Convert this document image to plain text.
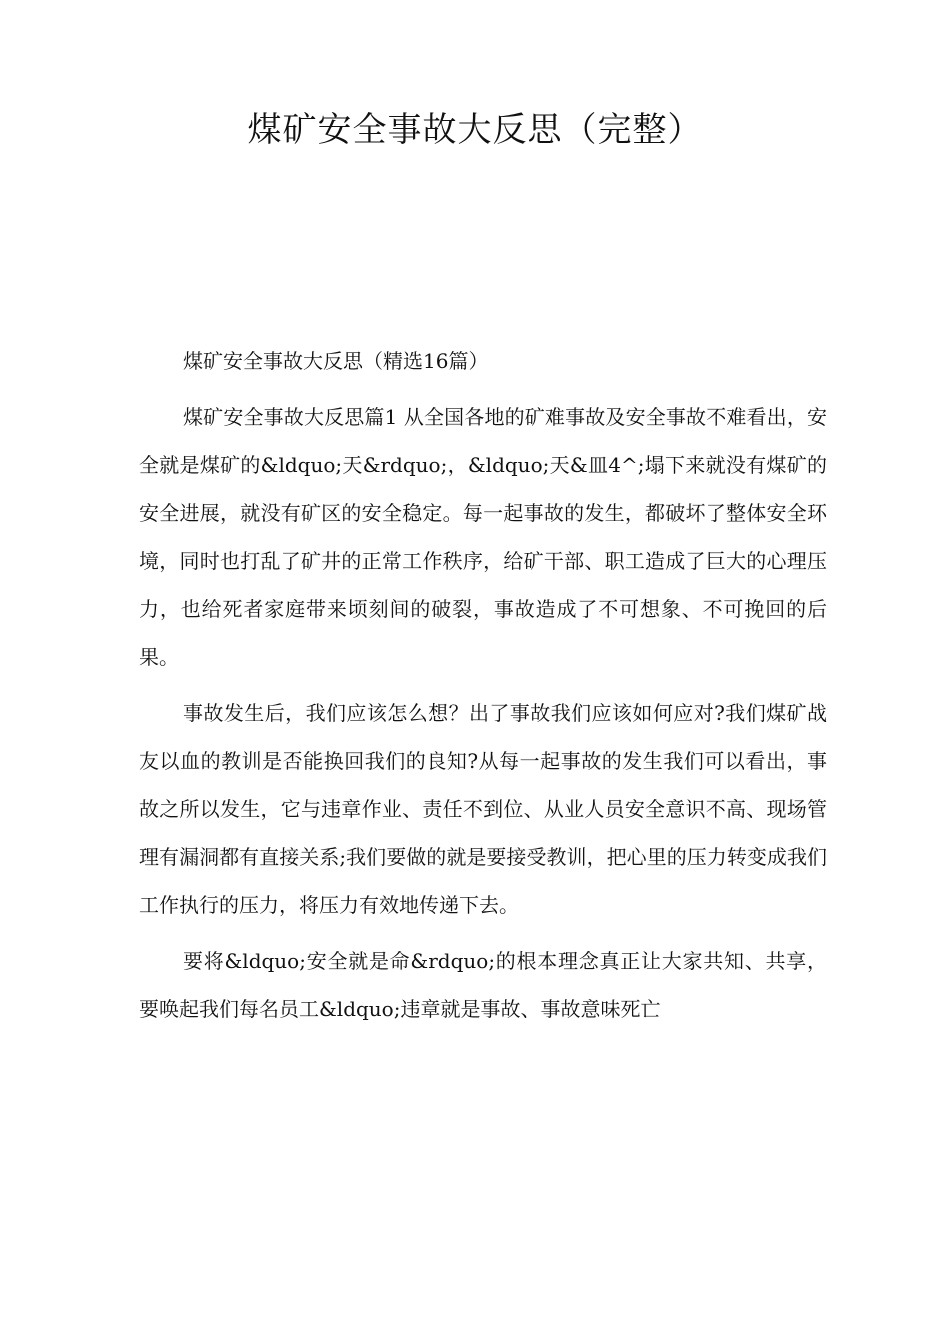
煤矿安全事故大反思（完整）

煤矿安全事故大反思（精选16篇）

煤矿安全事故大反思篇1 从全国各地的矿难事故及安全事故不难看出，安全就是煤矿的&ldquo;天&rdquo;，&ldquo;天&皿4^;塌下来就没有煤矿的安全进展，就没有矿区的安全稳定。每一起事故的发生，都破坏了整体安全环境，同时也打乱了矿井的正常工作秩序，给矿干部、职工造成了巨大的心理压力，也给死者家庭带来顷刻间的破裂，事故造成了不可想象、不可挽回的后果。

事故发生后，我们应该怎么想？出了事故我们应该如何应对?我们煤矿战友以血的教训是否能换回我们的良知?从每一起事故的发生我们可以看出，事故之所以发生，它与违章作业、责任不到位、从业人员安全意识不高、现场管理有漏洞都有直接关系;我们要做的就是要接受教训，把心里的压力转变成我们工作执行的压力，将压力有效地传递下去。

要将&ldquo;安全就是命&rdquo;的根本理念真正让大家共知、共享，要唤起我们每名员工&ldquo;违章就是事故、事故意味死亡
